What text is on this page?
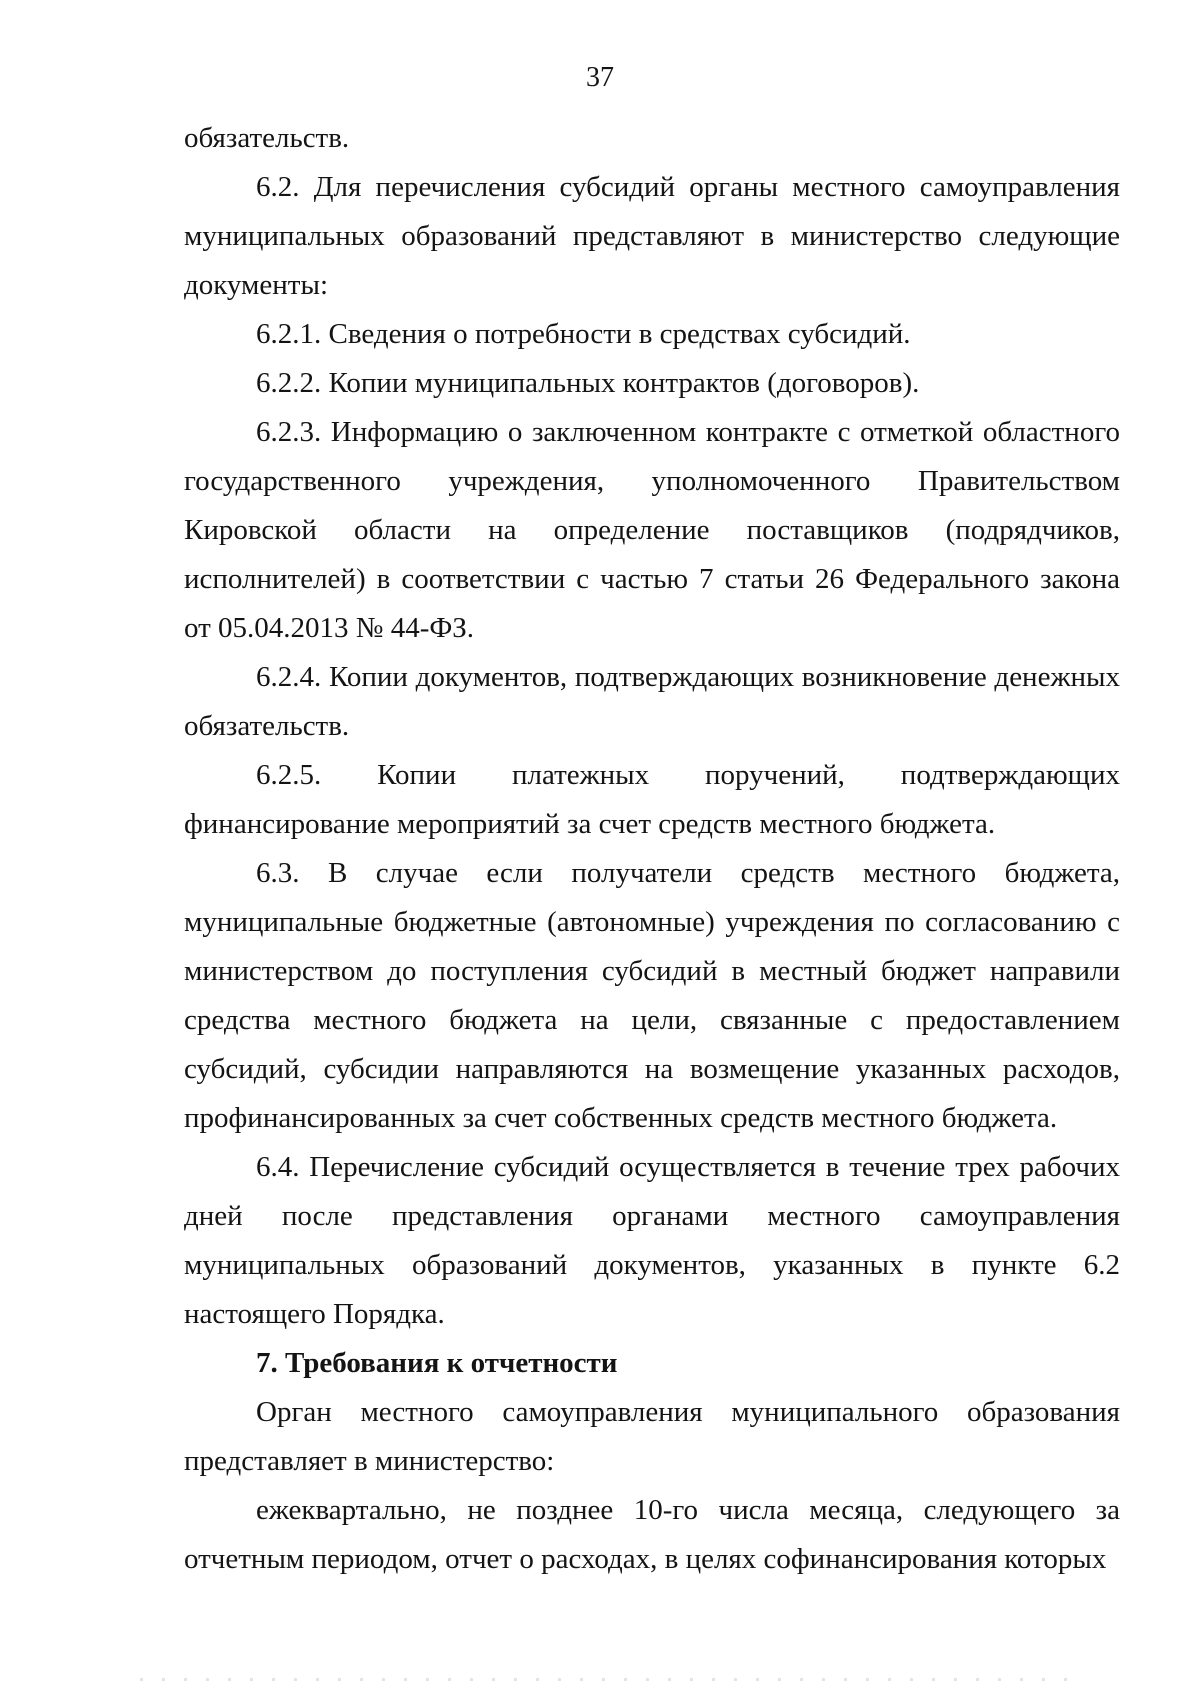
37

обязательств.

6.2. Для перечисления субсидий органы местного самоуправления муниципальных образований представляют в министерство следующие документы:

6.2.1. Сведения о потребности в средствах субсидий.

6.2.2. Копии муниципальных контрактов (договоров).

6.2.3. Информацию о заключенном контракте с отметкой областного государственного учреждения, уполномоченного Правительством Кировской области на определение поставщиков (подрядчиков, исполнителей) в соответствии с частью 7 статьи 26 Федерального закона от 05.04.2013 № 44-ФЗ.

6.2.4. Копии документов, подтверждающих возникновение денежных обязательств.

6.2.5. Копии платежных поручений, подтверждающих финансирование мероприятий за счет средств местного бюджета.

6.3. В случае если получатели средств местного бюджета, муниципальные бюджетные (автономные) учреждения по согласованию с министерством до поступления субсидий в местный бюджет направили средства местного бюджета на цели, связанные с предоставлением субсидий, субсидии направляются на возмещение указанных расходов, профинансированных за счет собственных средств местного бюджета.

6.4. Перечисление субсидий осуществляется в течение трех рабочих дней после представления органами местного самоуправления муниципальных образований документов, указанных в пункте 6.2 настоящего Порядка.

7. Требования к отчетности

Орган местного самоуправления муниципального образования представляет в министерство:

ежеквартально, не позднее 10-го числа месяца, следующего за отчетным периодом, отчет о расходах, в целях софинансирования которых
